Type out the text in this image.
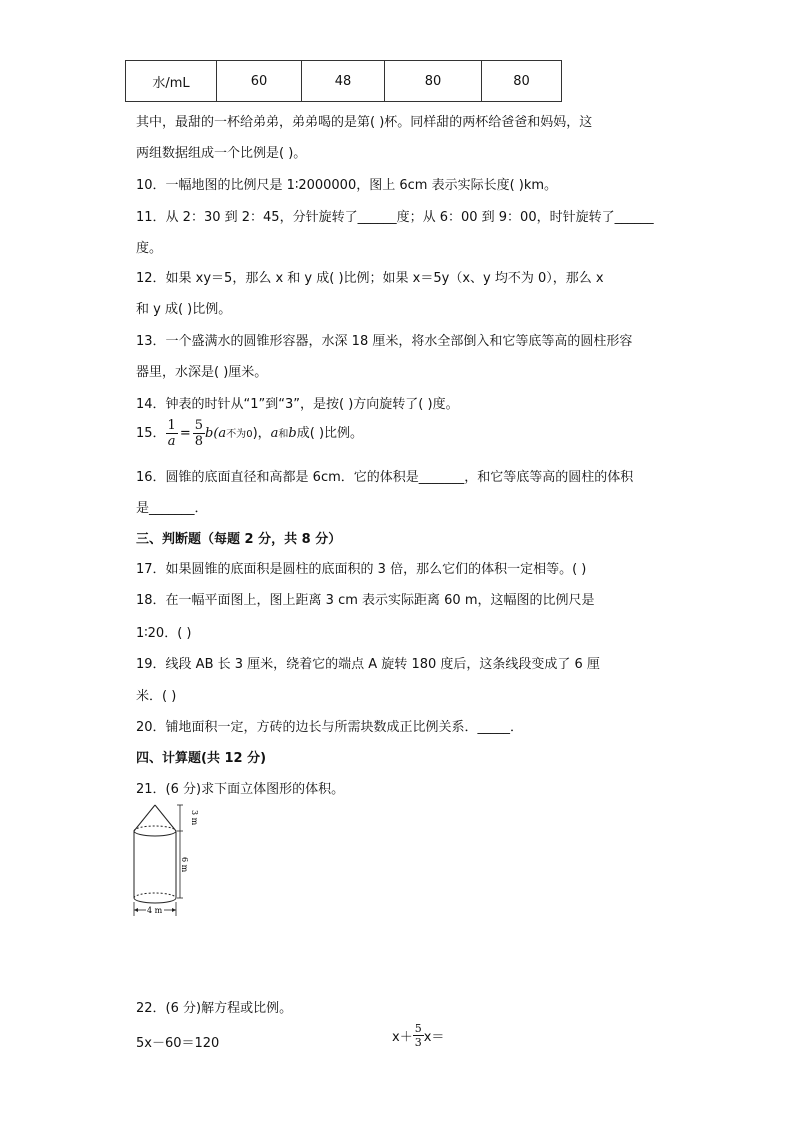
水/mL	60	48	80	80
其中，最甜的一杯给弟弟，弟弟喝的是第( )杯。同样甜的两杯给爸爸和妈妈，这
两组数据组成一个比例是( )。
10．一幅地图的比例尺是 1∶2000000，图上 6cm 表示实际长度( )km。
11．从 2：30 到 2：45，分针旋转了______度；从 6：00 到 9：00，时针旋转了______
度。
12．如果 xy＝5，那么 x 和 y 成( )比例；如果 x＝5y（x、y 均不为 0），那么 x
和 y 成( )比例。
13．一个盛满水的圆锥形容器，水深 18 厘米，将水全部倒入和它等底等高的圆柱形容
器里，水深是( )厘米。
14．钟表的时针从“1”到“3”，是按( )方向旋转了( )度。
15． $\frac{1}{a} = \frac{5}{8} b(a$不为0)，a和b成( )比例。
16．圆锥的底面直径和高都是 6cm．它的体积是_______，和它等底等高的圆柱的体积
是_______．
三、判断题（每题 2 分，共 8 分）
17．如果圆锥的底面积是圆柱的底面积的 3 倍，那么它们的体积一定相等。( )
18．在一幅平面图上，图上距离 3 cm 表示实际距离 60 m，这幅图的比例尺是
1∶20．( )
19．线段 AB 长 3 厘米，绕着它的端点 A 旋转 180 度后，这条线段变成了 6 厘
米．( )
20．铺地面积一定，方砖的边长与所需块数成正比例关系．_____．
四、计算题(共 12 分)
21．(6 分)求下面立体图形的体积。
3 m
6 m
4 m
22．(6 分)解方程或比例。
5x－60＝120	$x+ \frac{5}{3} x=$
